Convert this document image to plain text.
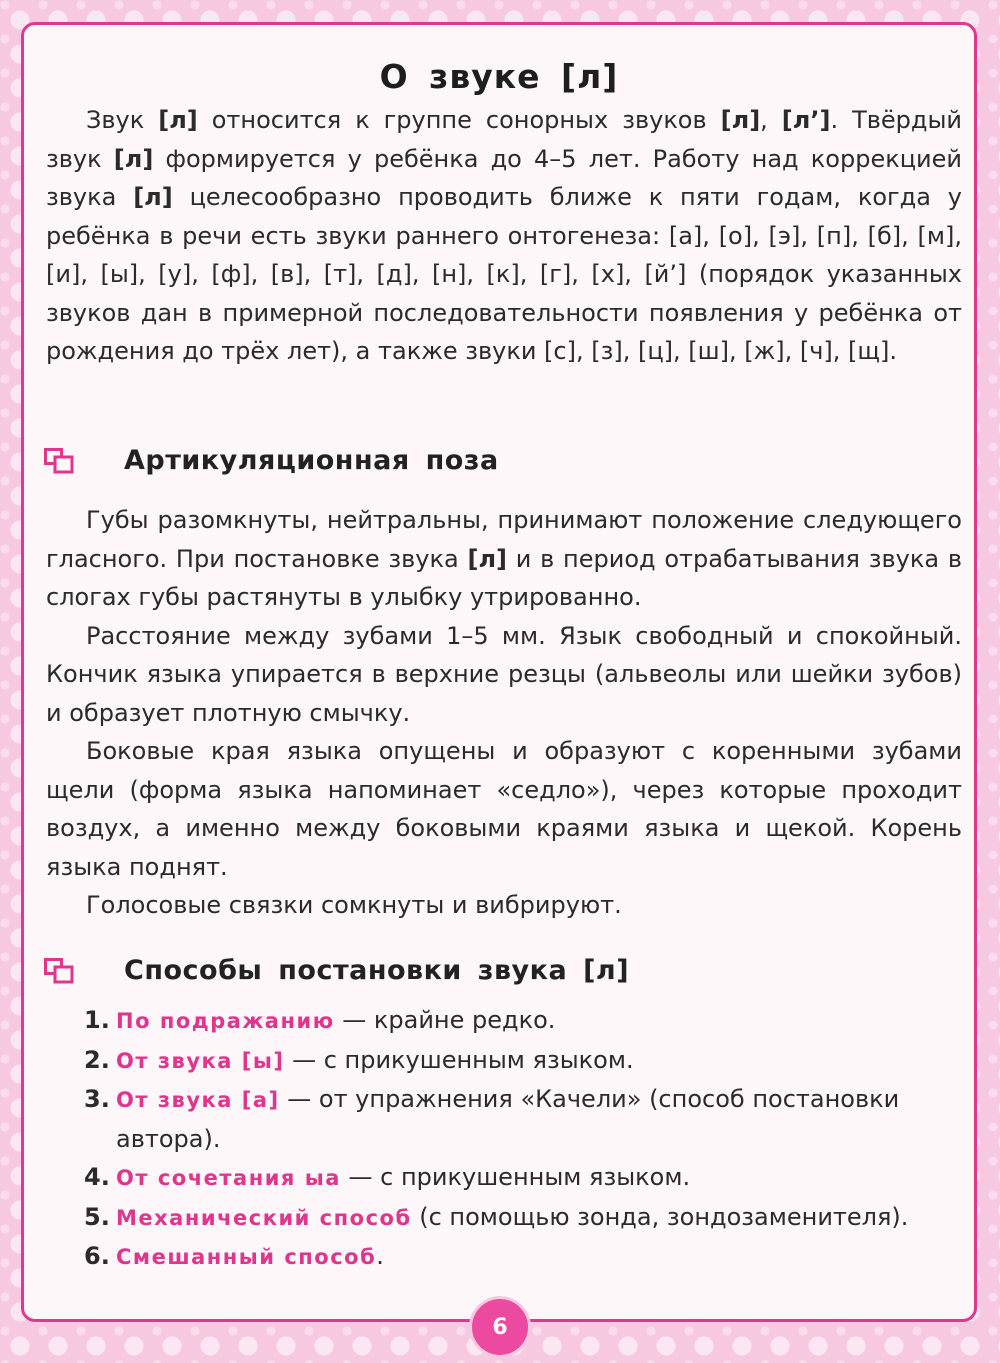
О звуке [л]

Звук [л] относится к группе сонорных звуков [л], [л’]. Твёрдый звук [л] формируется у ребёнка до 4–5 лет. Работу над коррекцией звука [л] целесообразно проводить ближе к пяти годам, когда у ребёнка в речи есть звуки раннего онтогенеза: [а], [о], [э], [п], [б], [м], [и], [ы], [у], [ф], [в], [т], [д], [н], [к], [г], [х], [й’] (порядок указанных звуков дан в примерной последовательности появления у ребёнка от рождения до трёх лет), а также звуки [с], [з], [ц], [ш], [ж], [ч], [щ].

Артикуляционная поза

Губы разомкнуты, нейтральны, принимают положение следующего гласного. При постановке звука [л] и в период отрабатывания звука в слогах губы растянуты в улыбку утрированно.

Расстояние между зубами 1–5 мм. Язык свободный и спокойный. Кончик языка упирается в верхние резцы (альвеолы или шейки зубов) и образует плотную смычку.

Боковые края языка опущены и образуют с коренными зубами щели (форма языка напоминает «седло»), через которые проходит воздух, а именно между боковыми краями языка и щекой. Корень языка поднят.

Голосовые связки сомкнуты и вибрируют.

Способы постановки звука [л]
1. По подражанию — крайне редко.
2. От звука [ы] — с прикушенным языком.
3. От звука [а] — от упражнения «Качели» (способ постановки автора).
4. От сочетания ыа — с прикушенным языком.
5. Механический способ (с помощью зонда, зондозаменителя).
6. Смешанный способ.
6
